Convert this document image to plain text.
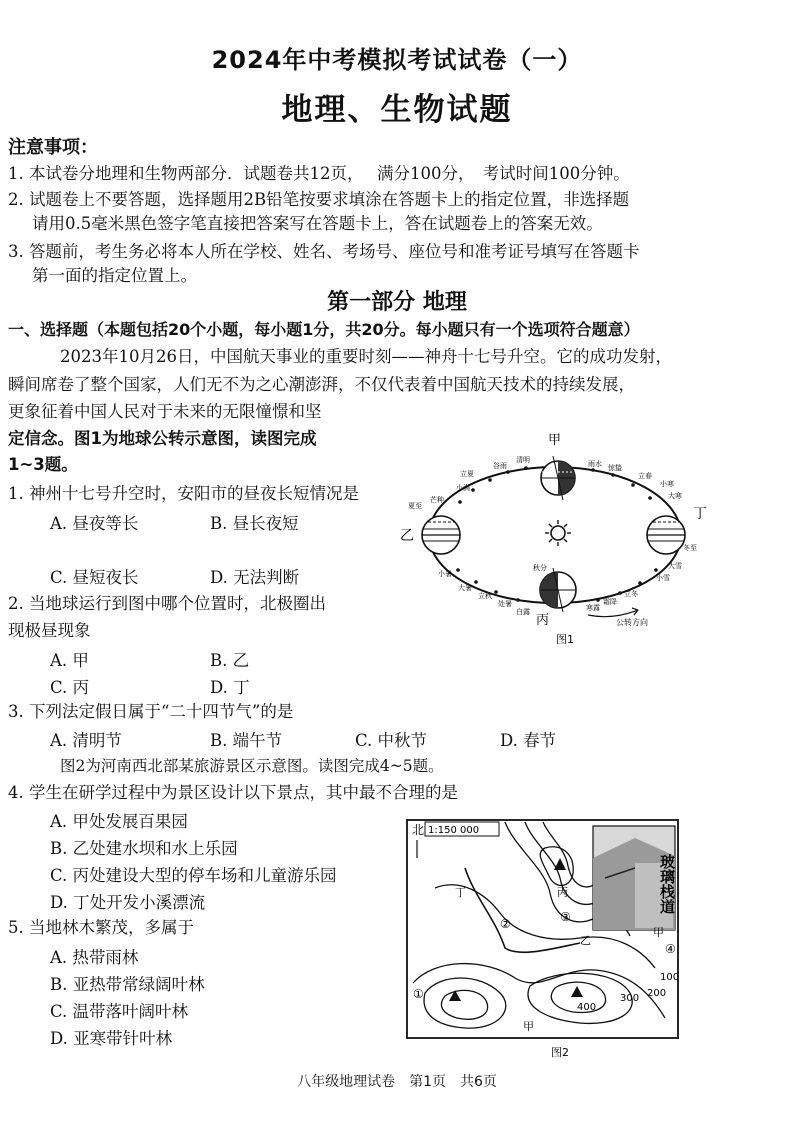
2024年中考模拟考试试卷（一）
地理、生物试题
注意事项：
1. 本试卷分地理和生物两部分．试题卷共12页，　 满分100分，　考试时间100分钟。
2. 试题卷上不要答题，选择题用2B铅笔按要求填涂在答题卡上的指定位置，非选择题
请用0.5毫米黑色签字笔直接把答案写在答题卡上，答在试题卷上的答案无效。
3. 答题前，考生务必将本人所在学校、姓名、考场号、座位号和准考证号填写在答题卡
第一面的指定位置上。
第一部分 地理
一、选择题（本题包括20个小题，每小题1分，共20分。每小题只有一个选项符合题意）
2023年10月26日，中国航天事业的重要时刻——神舟十七号升空。它的成功发射，
瞬间席卷了整个国家，人们无不为之心潮澎湃，不仅代表着中国航天技术的持续发展，
更象征着中国人民对于未来的无限憧憬和坚
定信念。图1为地球公转示意图，读图完成
1~3题。
1. 神州十七号升空时，安阳市的昼夜长短情况是
A. 昼夜等长	B. 昼长夜短
C. 昼短夜长	D. 无法判断
2. 当地球运行到图中哪个位置时，北极圈出
现极昼现象
A. 甲	B. 乙
C. 丙	D. 丁
3. 下列法定假日属于“二十四节气”的是
A. 清明节	B. 端午节	C. 中秋节	D. 春节
图2为河南西北部某旅游景区示意图。读图完成4~5题。
4. 学生在研学过程中为景区设计以下景点，其中最不合理的是
A. 甲处发展百果园
B. 乙处建水坝和水上乐园
C. 丙处建设大型的停车场和儿童游乐园
D. 丁处开发小溪漂流
5. 当地林木繁茂，多属于
A. 热带雨林
B. 亚热带常绿阔叶林
C. 温带落叶阔叶林
D. 亚寒带针叶林
甲
乙
丙
丁
谷雨
清明	雨水 惊蛰
立夏
小满
芒种
夏至
小暑
大暑
立秋
处暑
白露
秋分
寒露
霜降
立冬
小雪
大雪
冬至
小寒
大寒
立春
公转方向
图1
北 1:150 000
玻璃栈道
甲
乙
丙
丁
①
②	③
④
甲
100
200
300
400
图2
八年级地理试卷　第1页　共6页
